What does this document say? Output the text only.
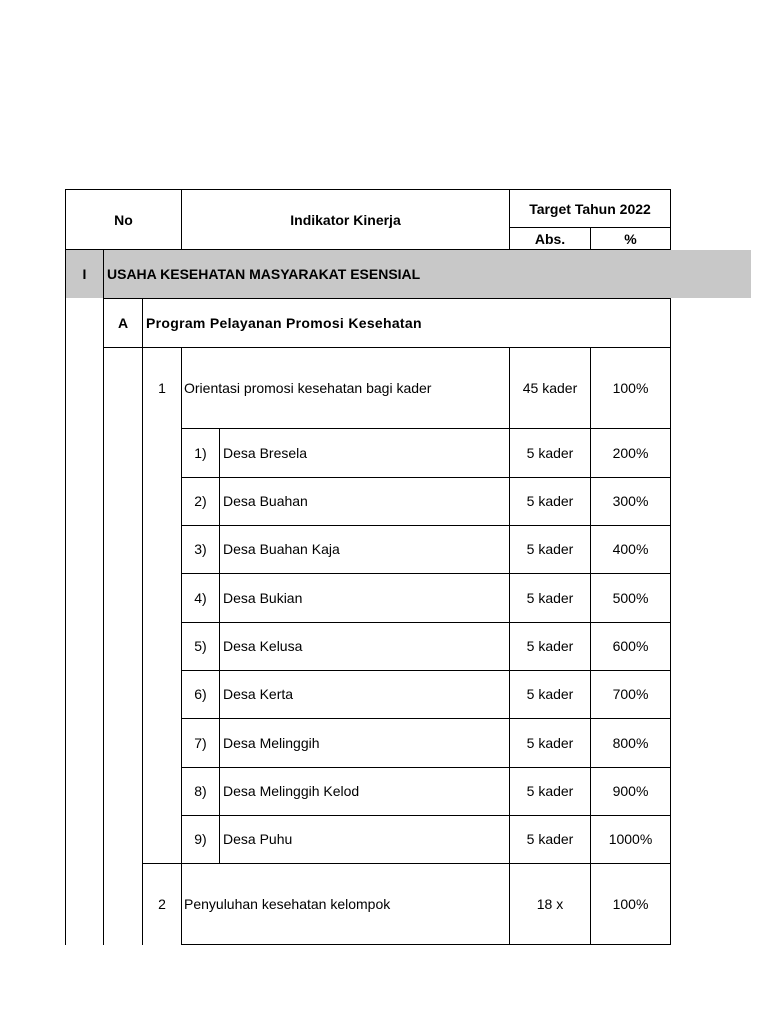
No	Indikator Kinerja
Target Tahun 2022
Abs.	%
I	USAHA KESEHATAN MASYARAKAT ESENSIAL
A	Program Pelayanan Promosi Kesehatan
1	Orientasi promosi kesehatan bagi kader	45 kader	100%
1)	Desa Bresela	5 kader	200%
2)	Desa Buahan	5 kader	300%
3)	Desa Buahan Kaja	5 kader	400%
4)	Desa Bukian	5 kader	500%
5)	Desa Kelusa	5 kader	600%
6)	Desa Kerta	5 kader	700%
7)	Desa Melinggih	5 kader	800%
8)	Desa Melinggih Kelod	5 kader	900%
9)	Desa Puhu	5 kader	1000%
2	Penyuluhan kesehatan kelompok	18 x	100%
